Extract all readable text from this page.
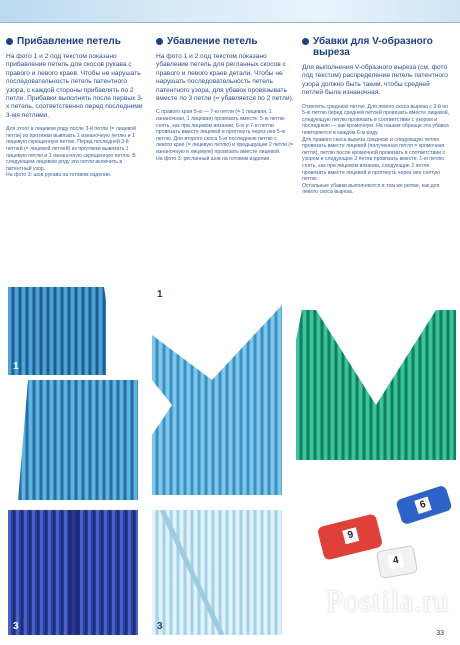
Прибавление петель
На фото 1 и 2 под текстом показано прибавление петель для скосов рукава с правого и левого краев. Чтобы не нарушать последовательность петель патентного узора, с каждой стороны прибавлять по 2 петли. Прибавки выполнять после первых 3-х петель, соответственно перед последними 3-мя петлями.
Для этого в лицевом ряду после 3-й петли (= лицевой петли) из протяжки вывязать 1 изнаночную петлю и 1 лицевую скрещенную петлю. Перед последней 3-й петлей (= лицевой петлей) из протяжки вывязать 1 лицевую петлю и 1 изнаночную скрещенную петлю. В следующем лицевом ряду эти петли включить в патентный узор.
На фото 3: шов рукава на готовом изделии.
Убавление петель
На фото 1 и 2 под текстом показано убавление петель для регланных скосов с правого и левого краев детали. Чтобы не нарушать последовательность петель патентного узора, для убавок провязывать вместе по 3 петли (= убавляется по 2 петли).
С правого края 5-ю — 7-ю петли (= 1 лицевая, 1 изнаночная, 1 лицевая) провязать вместе. 5-ю петлю снять, как при лицевом вязании, 6-ю и 7-ю петли провязать вместе лицевой и протянуть через нее 5-ю петлю. Для второго скоса 5-ю последнюю петлю с левого края (= лицевую петлю) и предыдущие 2 петли (= изнаночную и лицевую) провязать вместе лицевой.
На фото 3: регланный шов на готовом изделии.
Убавки для V-образного выреза
Для выполнения V-образного выреза (см. фото под текстом) распределение петель патентного узора должно быть таким, чтобы средней петлей была изнаночная.
Отметить среднюю петлю. Для левого скоса выреза с 3-й по 5-ю петлю перед средней петлей провязать вместе лицевой, следующую петлю провязать в соответствии с узором и последнюю — как кромочную. На нашем образце эта убавка повторяется в каждом 6-м ряду.
Для правого скоса выреза среднюю и следующую петлю провязать вместе лицевой (полученная петля = кромочная петля), петлю после кромочной провязать в соответствии с узором и следующие 3 петли провязать вместе: 1-ю петлю снять, как при лицевом вязании, следующие 2 петли провязать вместе лицевой и протянуть через нее снятую петлю.
Остальные убавки выполняются в том же ритме, как для левого скоса выреза.
1
2
3
1
3
6
9
4
Postila.ru
33
